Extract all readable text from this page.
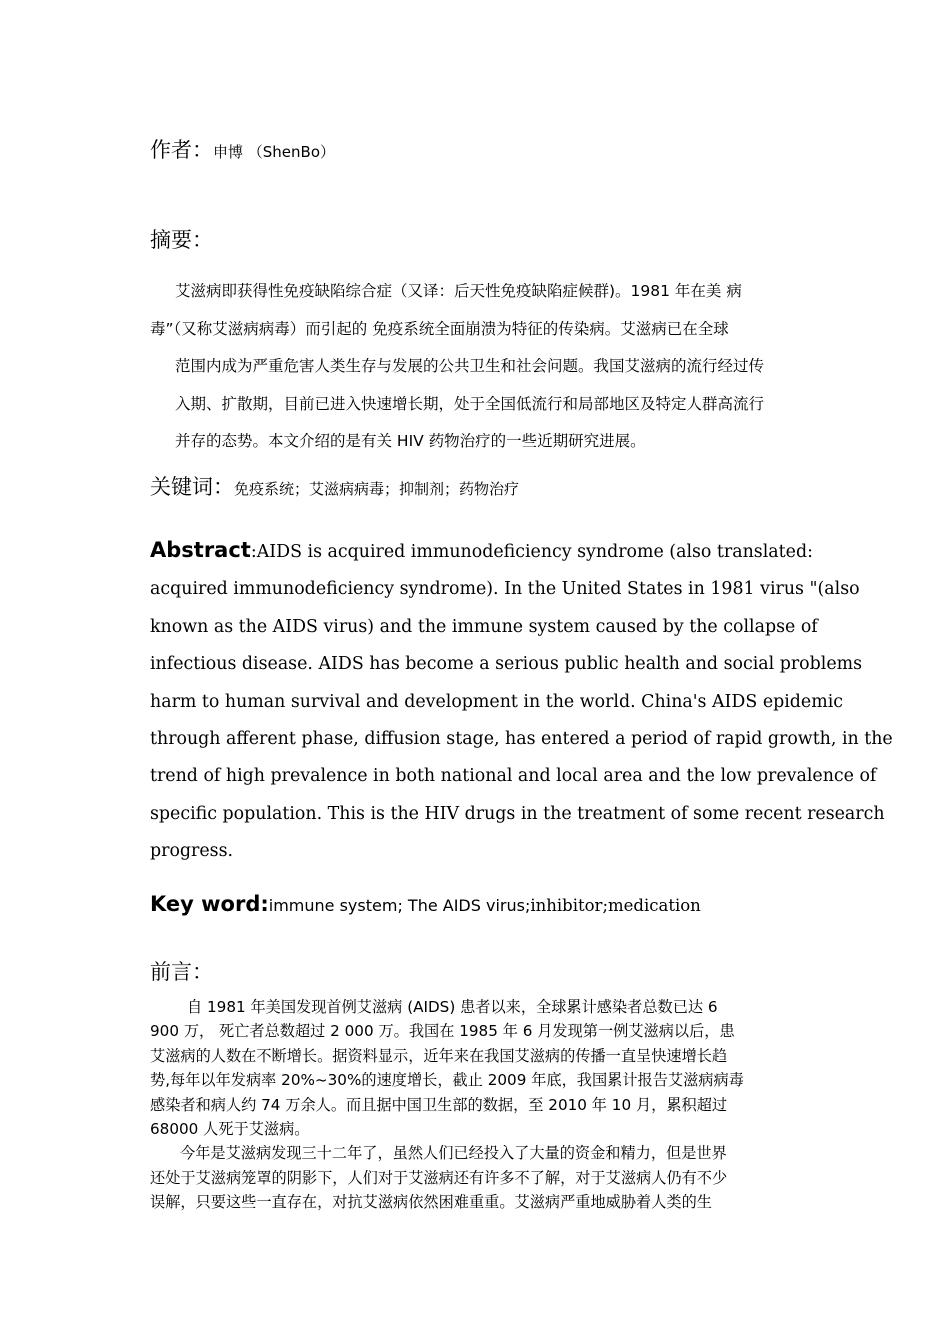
作者：申博 （ShenBo）
摘要：
艾滋病即获得性免疫缺陷综合症（又译：后天性免疫缺陷症候群)。1981 年在美 病
毒”（又称艾滋病病毒）而引起的 免疫系统全面崩溃为特征的传染病。艾滋病已在全球
范围内成为严重危害人类生存与发展的公共卫生和社会问题。我国艾滋病的流行经过传
入期、扩散期，目前已进入快速增长期，处于全国低流行和局部地区及特定人群高流行
并存的态势。本文介绍的是有关 HIV 药物治疗的一些近期研究进展。
关键词：免疫系统；艾滋病病毒；抑制剂；药物治疗
Abstract:AIDS is acquired immunodeficiency syndrome (also translated:
acquired immunodeficiency syndrome). In the United States in 1981 virus "(also
known as the AIDS virus) and the immune system caused by the collapse of
infectious disease. AIDS has become a serious public health and social problems
harm to human survival and development in the world. China's AIDS epidemic
through afferent phase, diffusion stage, has entered a period of rapid growth, in the
trend of high prevalence in both national and local area and the low prevalence of
specific population. This is the HIV drugs in the treatment of some recent research
progress.
Key word:immune system; The AIDS virus;inhibitor;medication
前言：
自 1981 年美国发现首例艾滋病 (AIDS) 患者以来，全球累计感染者总数已达 6
900 万， 死亡者总数超过 2 000 万。我国在 1985 年 6 月发现第一例艾滋病以后，患
艾滋病的人数在不断增长。据资料显示，近年来在我国艾滋病的传播一直呈快速增长趋
势,每年以年发病率 20%~30%的速度增长，截止 2009 年底，我国累计报告艾滋病病毒
感染者和病人约 74 万余人。而且据中国卫生部的数据，至 2010 年 10 月，累积超过
68000 人死于艾滋病。
今年是艾滋病发现三十二年了，虽然人们已经投入了大量的资金和精力，但是世界
还处于艾滋病笼罩的阴影下，人们对于艾滋病还有许多不了解，对于艾滋病人仍有不少
误解，只要这些一直存在，对抗艾滋病依然困难重重。艾滋病严重地威胁着人类的生
